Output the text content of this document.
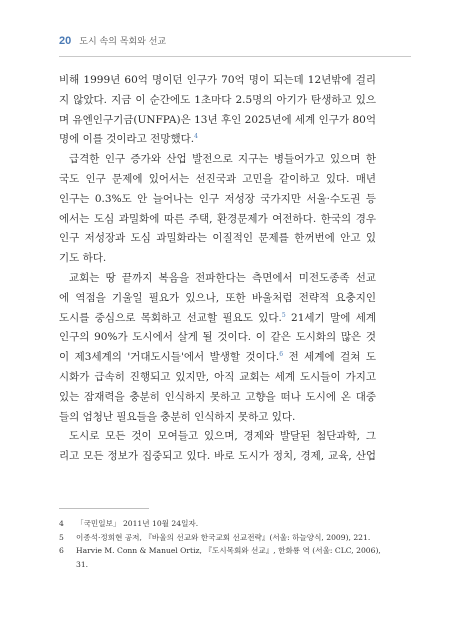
20 도시 속의 목회와 선교
비해 1999년 60억 명이던 인구가 70억 명이 되는데 12년밖에 걸리
지 않았다. 지금 이 순간에도 1초마다 2.5명의 아기가 탄생하고 있으
며 유엔인구기금(UNFPA)은 13년 후인 2025년에 세계 인구가 80억
명에 이를 것이라고 전망했다.$^4$
급격한 인구 증가와 산업 발전으로 지구는 병들어가고 있으며 한
국도 인구 문제에 있어서는 선진국과 고민을 같이하고 있다. 매년
인구는 0.3%도 안 늘어나는 인구 저성장 국가지만 서울·수도권 등
에서는 도심 과밀화에 따른 주택, 환경문제가 여전하다. 한국의 경우
인구 저성장과 도심 과밀화라는 이질적인 문제를 한꺼번에 안고 있
기도 하다.
교회는 땅 끝까지 복음을 전파한다는 측면에서 미전도종족 선교
에 역점을 기울일 필요가 있으나, 또한 바울처럼 전략적 요충지인
도시를 중심으로 목회하고 선교할 필요도 있다.$^5$ 21세기 말에 세계
인구의 90%가 도시에서 살게 될 것이다. 이 같은 도시화의 많은 것
이 제3세계의 '거대도시들'에서 발생할 것이다.$^6$ 전 세계에 걸쳐 도
시화가 급속히 진행되고 있지만, 아직 교회는 세계 도시들이 가지고
있는 잠재력을 충분히 인식하지 못하고 고향을 떠나 도시에 온 대중
들의 엄청난 필요들을 충분히 인식하지 못하고 있다.
도시로 모든 것이 모여들고 있으며, 경제와 발달된 첨단과학, 그
리고 모든 정보가 집중되고 있다. 바로 도시가 정치, 경제, 교육, 산업
4	「국민일보」 2011년 10월 24일자.
5	이종석·정희현 공저, 『바울의 선교와 한국교회 선교전략』(서울: 하늘양식, 2009), 221.
6	Harvie M. Conn & Manuel Ortiz, 『도시목회와 선교』, 한화룡 역 (서울: CLC, 2006),
31.
